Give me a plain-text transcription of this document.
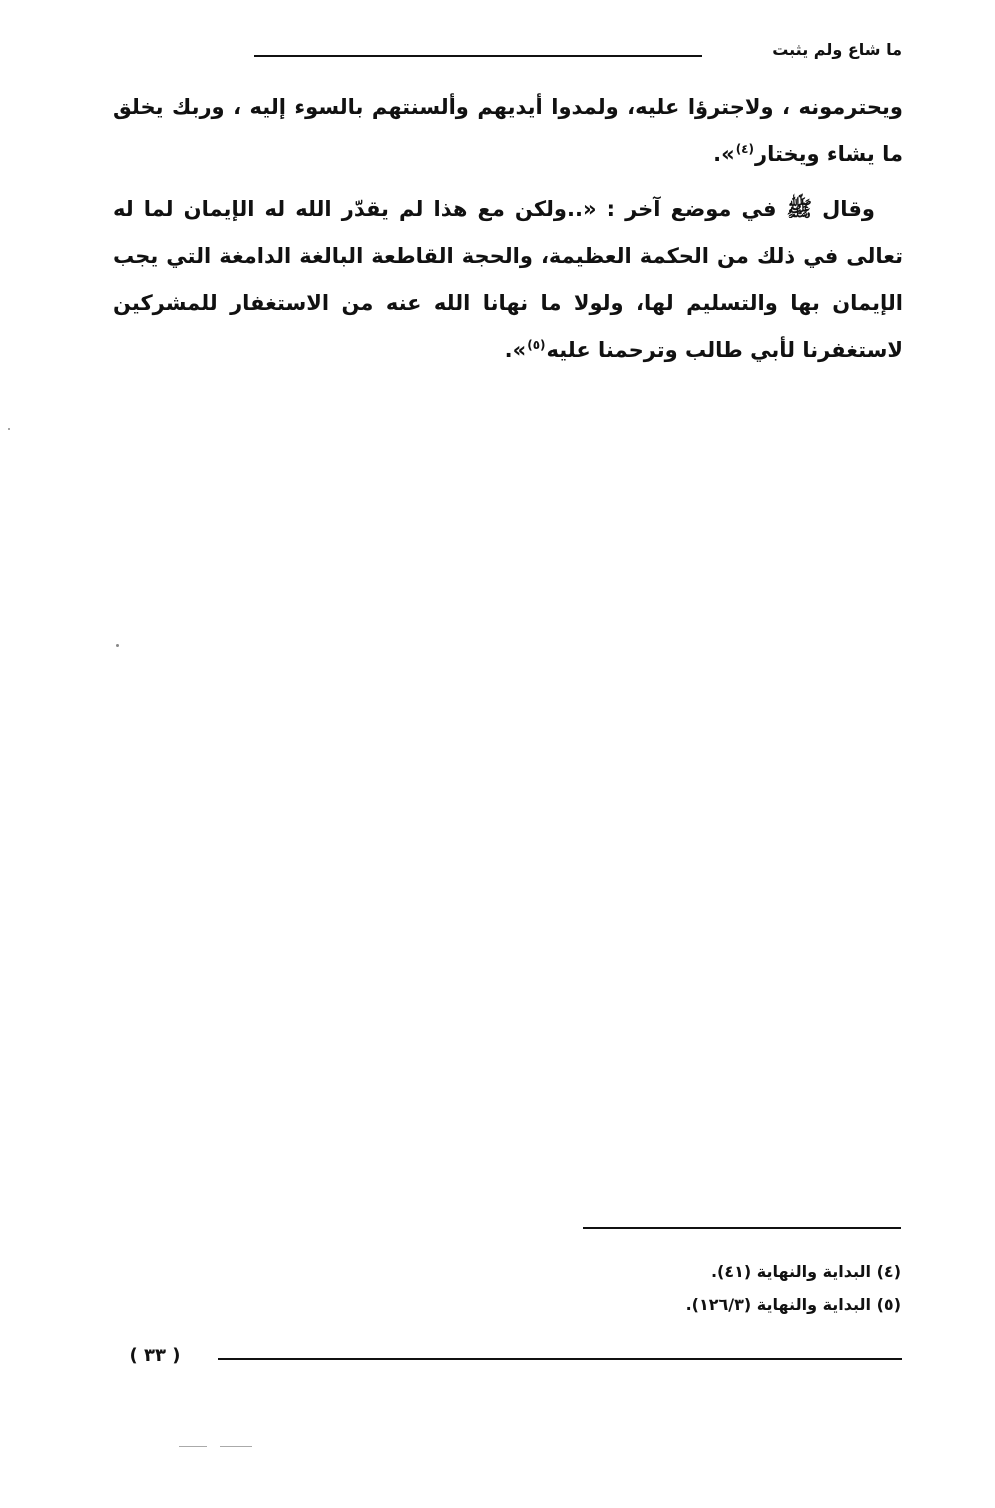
ما شاع ولم يثبت

ويحترمونه ، ولاجترؤا عليه، ولمدوا أيديهم وألسنتهم بالسوء إليه ، وربك يخلق ما يشاء ويختار$^{(٤)}$».

وقال ﷺ في موضع آخر : «..ولكن مع هذا لم يقدّر الله له الإيمان لما له تعالى في ذلك من الحكمة العظيمة، والحجة القاطعة البالغة الدامغة التي يجب الإيمان بها والتسليم لها، ولولا ما نهانا الله عنه من الاستغفار للمشركين لاستغفرنا لأبي طالب وترحمنا عليه$^{(٥)}$».

(٤) البداية والنهاية (٤١).
(٥) البداية والنهاية (١٢٦/٣).
( ٣٣ )
